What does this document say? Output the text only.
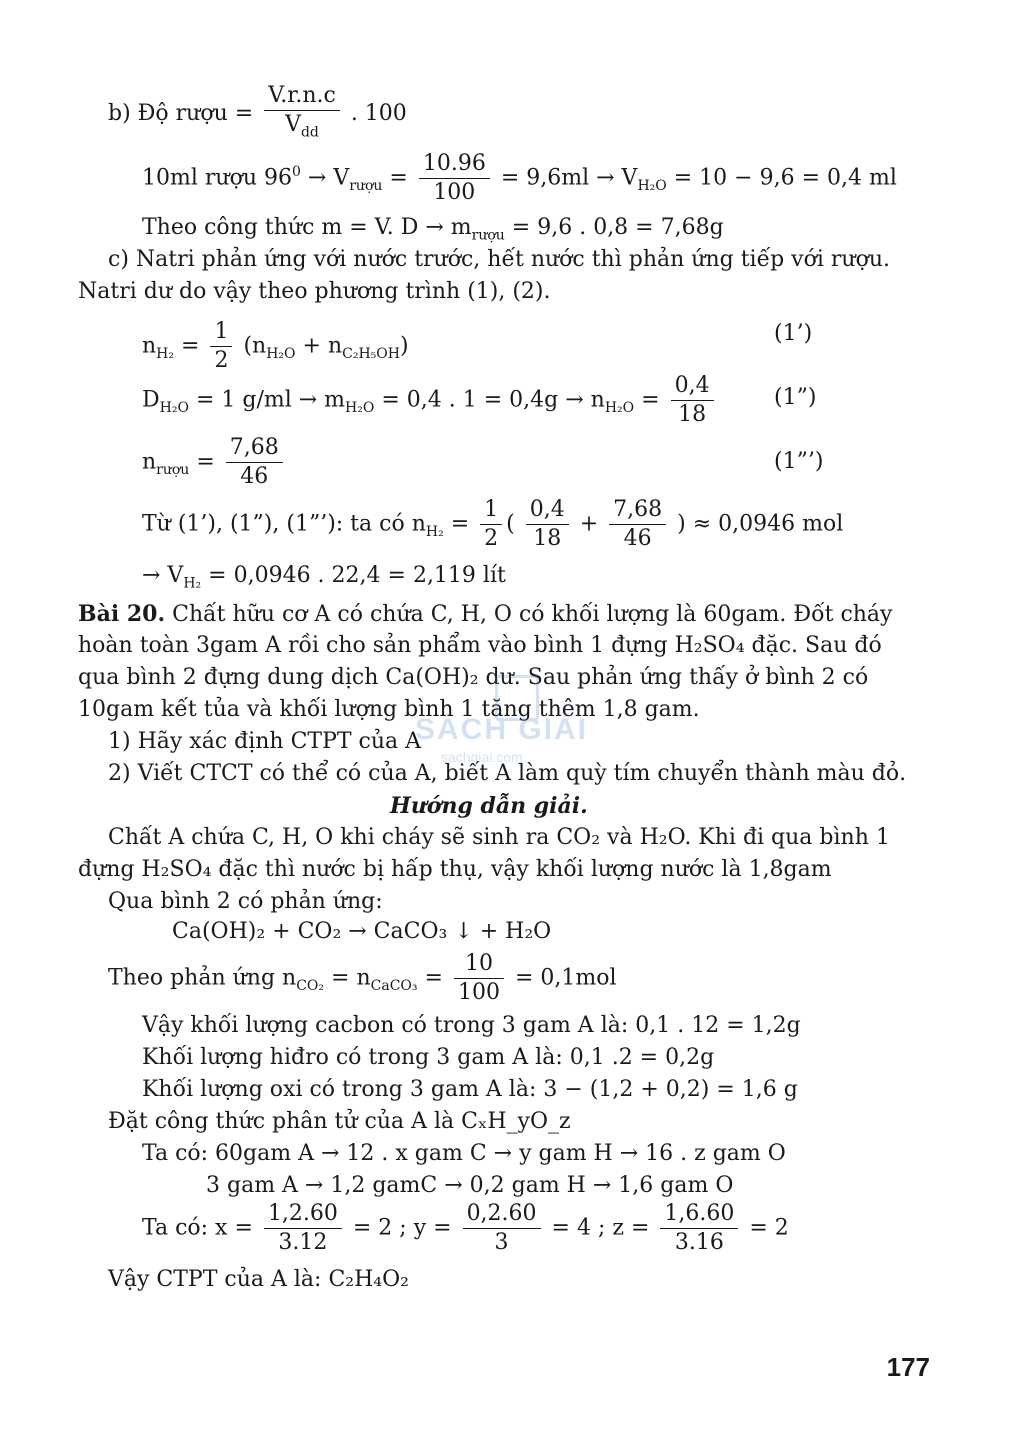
b) Độ rượu = $\frac{V.r.n.c}{V_{dd}}$ . 100
10ml rượu $96^0 \to V_{rượu} = \frac{10.96}{100} = 9,6ml \to V_{H_2O} = 10 - 9,6 = 0,4$ ml
Theo công thức m = V. $D \to m_{rượu} = 9,6$ . 0,8 = 7,68g
c) Natri phản ứng với nước trước, hết nước thì phản ứng tiếp với rượu.
Natri dư do vậy theo phương trình (1), (2).
$n_{H_2} = \frac{1}{2} (n_{H_2O} + n_{C_2H_5OH})$	(1’)
$D_{H_2O} = 1$ $g/ml \to m_{H_2O} = 0,4$ . $1 = 0,4g \to n_{H_2O} = \frac{0,4}{18}$	(1”)
$n_{rượu} = \frac{7,68}{46}$	(1”’)
Từ (1’), (1”), (1”’): ta có $n_{H_2} = \frac{1}{2}$ ( $\frac{0,4}{18} + \frac{7,68}{46}$ ) ≈ 0,0946 mol
→ $V_{H_2} = 0,0946$ . 22,4 = 2,119 lít
Bài 20. Chất hữu cơ A có chứa C, H, O có khối lượng là 60gam. Đốt cháy
hoàn toàn 3gam A rồi cho sản phẩm vào bình 1 đựng H₂SO₄ đặc. Sau đó
qua bình 2 đựng dung dịch Ca(OH)₂ dư. Sau phản ứng thấy ở bình 2 có
10gam kết tủa và khối lượng bình 1 tăng thêm 1,8 gam.
1) Hãy xác định CTPT của A
2) Viết CTCT có thể có của A, biết A làm quỳ tím chuyển thành màu đỏ.
Hướng dẫn giải.
Chất A chứa C, H, O khi cháy sẽ sinh ra CO₂ và H₂O. Khi đi qua bình 1
đựng H₂SO₄ đặc thì nước bị hấp thụ, vậy khối lượng nước là 1,8gam
Qua bình 2 có phản ứng:
Ca(OH)₂ + CO₂ → CaCO₃ ↓ + H₂O
Theo phản ứng $n_{CO_2} = n_{CaCO_3} = \frac{10}{100} = 0,1mol$
Vậy khối lượng cacbon có trong 3 gam A là: 0,1 . 12 = 1,2g
Khối lượng hiđro có trong 3 gam A là: 0,1 .2 = 0,2g
Khối lượng oxi có trong 3 gam A là: 3 − (1,2 + 0,2) = 1,6 g
Đặt công thức phân tử của A là CₓH_yO_z
Ta có: 60gam A → 12 . x gam C → y gam H → 16 . z gam O
3 gam A → 1,2 gamC → 0,2 gam H → 1,6 gam O
Ta có: $x = \frac{1,2.60}{3.12} = 2$ ; $y = \frac{0,2.60}{3} = 4$ ; $z = \frac{1,6.60}{3.16} = 2$
Vậy CTPT của A là: C₂H₄O₂
SÁCH GIẢI
sachgiai.com
177
